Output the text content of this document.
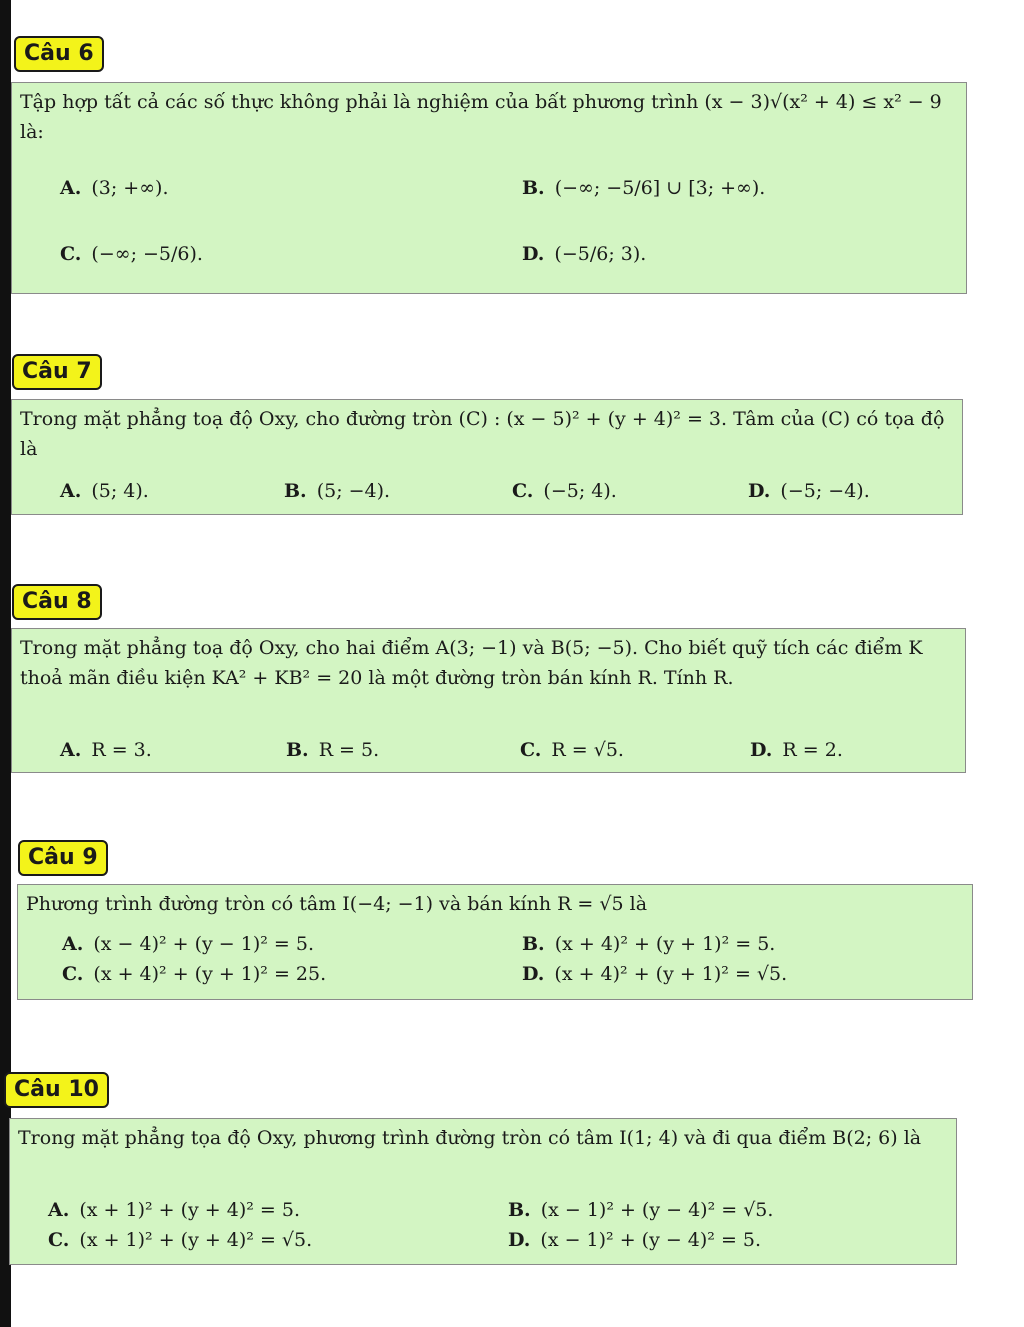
Câu 6
Tập hợp tất cả các số thực không phải là nghiệm của bất phương trình (x − 3)√(x² + 4) ≤ x² − 9 là:
A. (3; +∞).	B. (−∞; −5/6] ∪ [3; +∞).
C. (−∞; −5/6).	D. (−5/6; 3).
Câu 7
Trong mặt phẳng toạ độ Oxy, cho đường tròn (C) : (x − 5)² + (y + 4)² = 3. Tâm của (C) có tọa độ là
A. (5; 4).	B. (5; −4).	C. (−5; 4).	D. (−5; −4).
Câu 8
Trong mặt phẳng toạ độ Oxy, cho hai điểm A(3; −1) và B(5; −5). Cho biết quỹ tích các điểm K thoả mãn điều kiện KA² + KB² = 20 là một đường tròn bán kính R. Tính R.
A. R = 3.	B. R = 5.	C. R = √5.	D. R = 2.
Câu 9
Phương trình đường tròn có tâm I(−4; −1) và bán kính R = √5 là
A. (x − 4)² + (y − 1)² = 5.	B. (x + 4)² + (y + 1)² = 5.
C. (x + 4)² + (y + 1)² = 25.	D. (x + 4)² + (y + 1)² = √5.
Câu 10
Trong mặt phẳng tọa độ Oxy, phương trình đường tròn có tâm I(1; 4) và đi qua điểm B(2; 6) là
A. (x + 1)² + (y + 4)² = 5.	B. (x − 1)² + (y − 4)² = √5.
C. (x + 1)² + (y + 4)² = √5.	D. (x − 1)² + (y − 4)² = 5.
